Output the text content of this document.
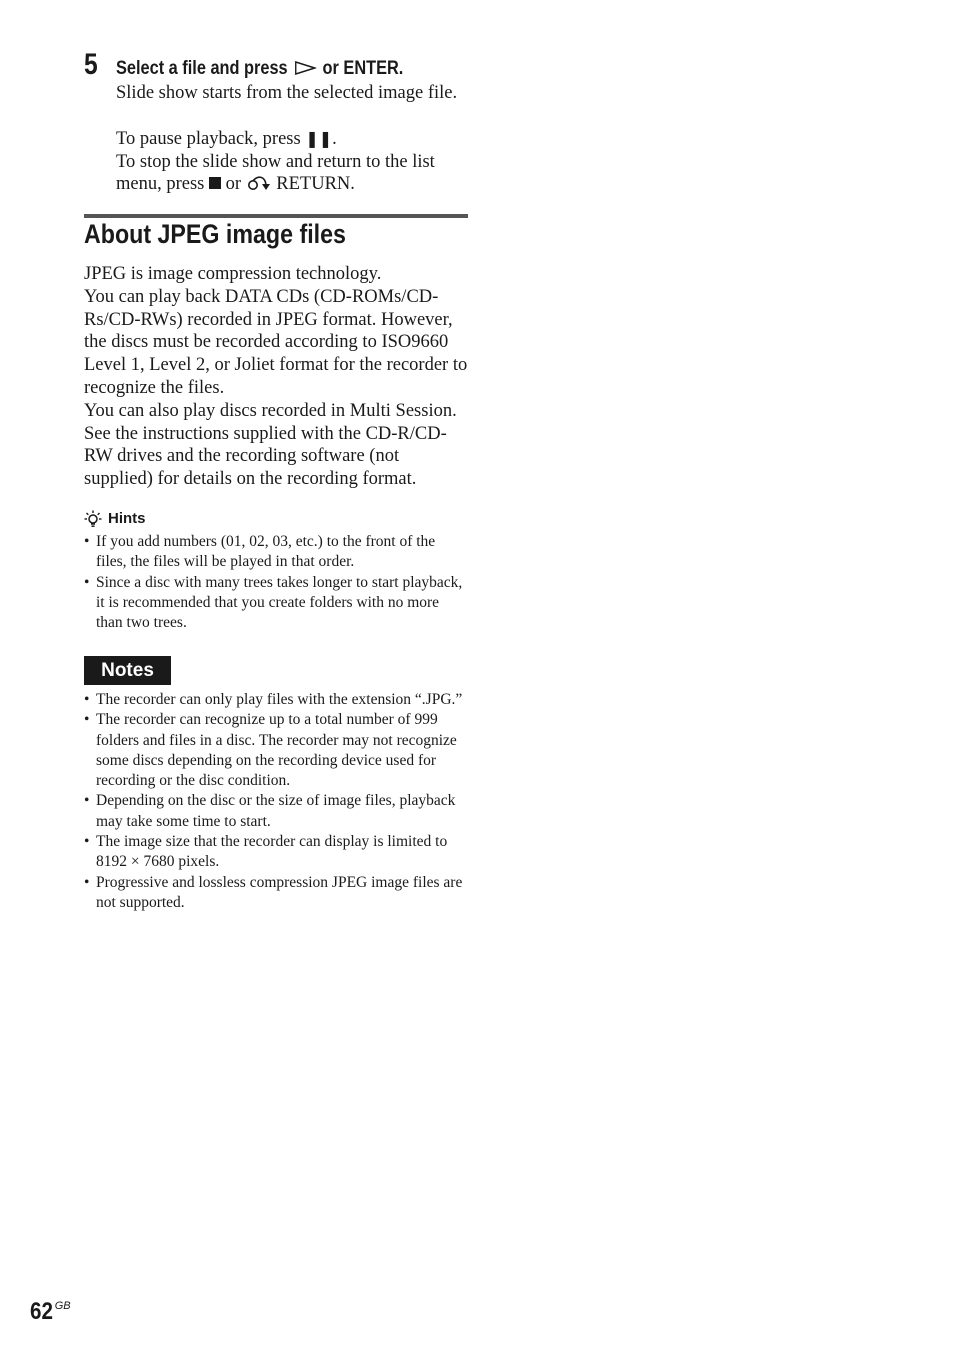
5 Select a file and press or ENTER.

Slide show starts from the selected image file.

To pause playback, press ❚❚.

To stop the slide show and return to the list menu, press or RETURN.

About JPEG image files

JPEG is image compression technology.

You can play back DATA CDs (CD-ROMs/CD-Rs/CD-RWs) recorded in JPEG format. However, the discs must be recorded according to ISO9660 Level 1, Level 2, or Joliet format for the recorder to recognize the files.

You can also play discs recorded in Multi Session. See the instructions supplied with the CD-R/CD-RW drives and the recording software (not supplied) for details on the recording format.

Hints
• If you add numbers (01, 02, 03, etc.) to the front of the files, the files will be played in that order.
• Since a disc with many trees takes longer to start playback, it is recommended that you create folders with no more than two trees.
Notes
• The recorder can only play files with the extension “.JPG.”
• The recorder can recognize up to a total number of 999 folders and files in a disc. The recorder may not recognize some discs depending on the recording device used for recording or the disc condition.
• Depending on the disc or the size of image files, playback may take some time to start.
• The image size that the recorder can display is limited to 8192 × 7680 pixels.
• Progressive and lossless compression JPEG image files are not supported.
62 $^{GB}$
